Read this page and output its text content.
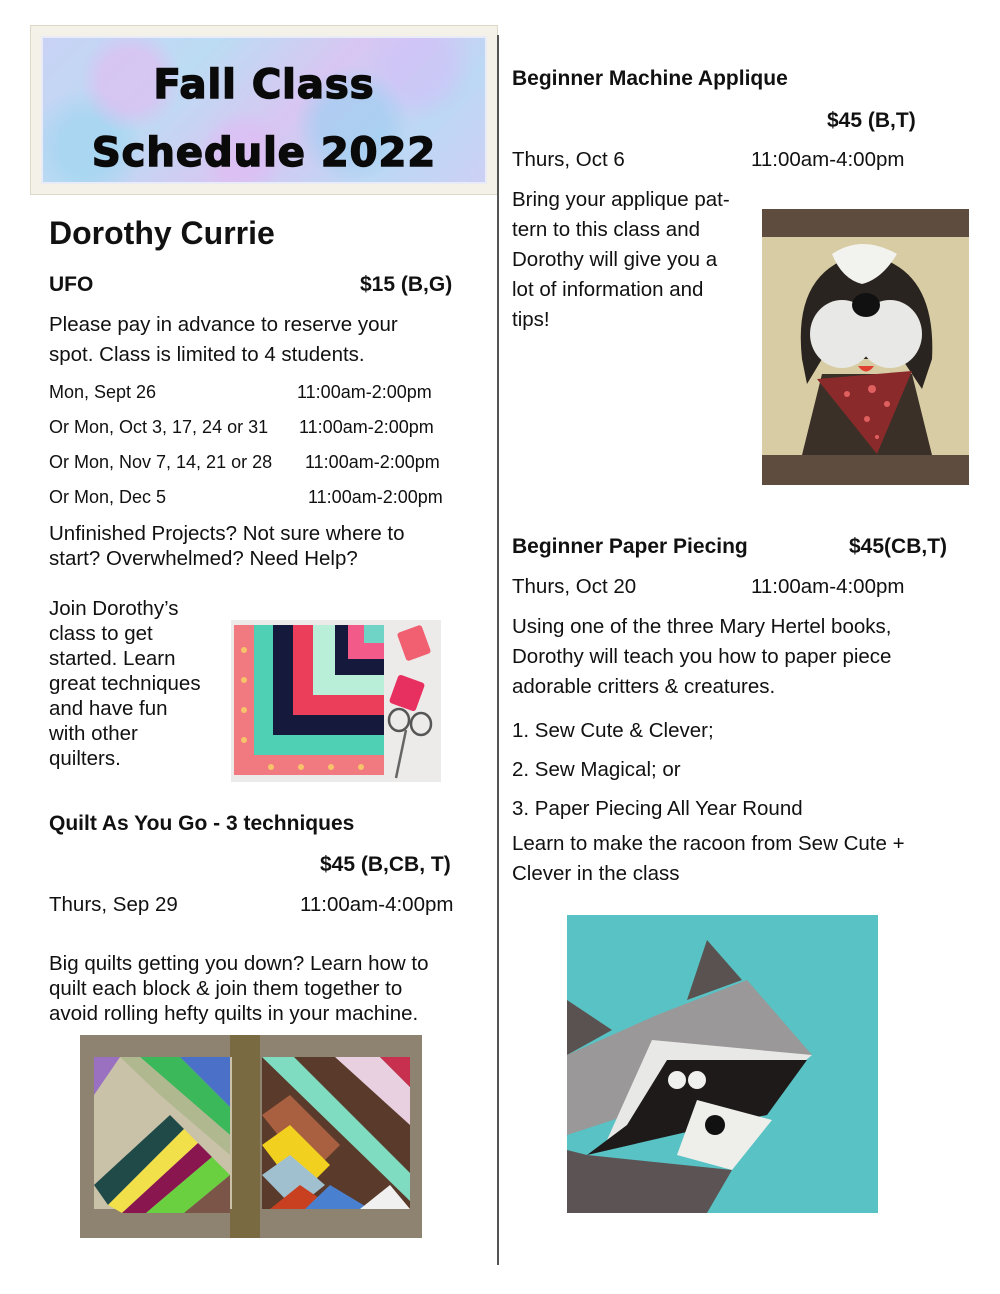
Fall Class
Schedule 2022
Dorothy Currie
UFO	$15 (B,G)
Please pay in advance to reserve your
spot. Class is limited to 4 students.
Mon, Sept 26	11:00am-2:00pm
Or Mon, Oct 3, 17, 24 or 31 11:00am-2:00pm
Or Mon, Nov 7, 14, 21 or 28 11:00am-2:00pm
Or Mon, Dec 5	11:00am-2:00pm
Unfinished Projects? Not sure where to
start? Overwhelmed? Need Help?
Join Dorothy’s
class to get
started. Learn
great techniques
and have fun
with other
quilters.
Quilt As You Go - 3 techniques
$45 (B,CB, T)
Thurs, Sep 29	11:00am-4:00pm
Big quilts getting you down? Learn how to
quilt each block & join them together to
avoid rolling hefty quilts in your machine.
Beginner Machine Applique
$45 (B,T)
Thurs, Oct 6	11:00am-4:00pm
Bring your applique pat-
tern to this class and
Dorothy will give you a
lot of information and
tips!
Beginner Paper Piecing	$45(CB,T)
Thurs, Oct 20	11:00am-4:00pm
Using one of the three Mary Hertel books,
Dorothy will teach you how to paper piece
adorable critters & creatures.
1. Sew Cute & Clever;
2. Sew Magical; or
3. Paper Piecing All Year Round
Learn to make the racoon from Sew Cute +
Clever in the class
